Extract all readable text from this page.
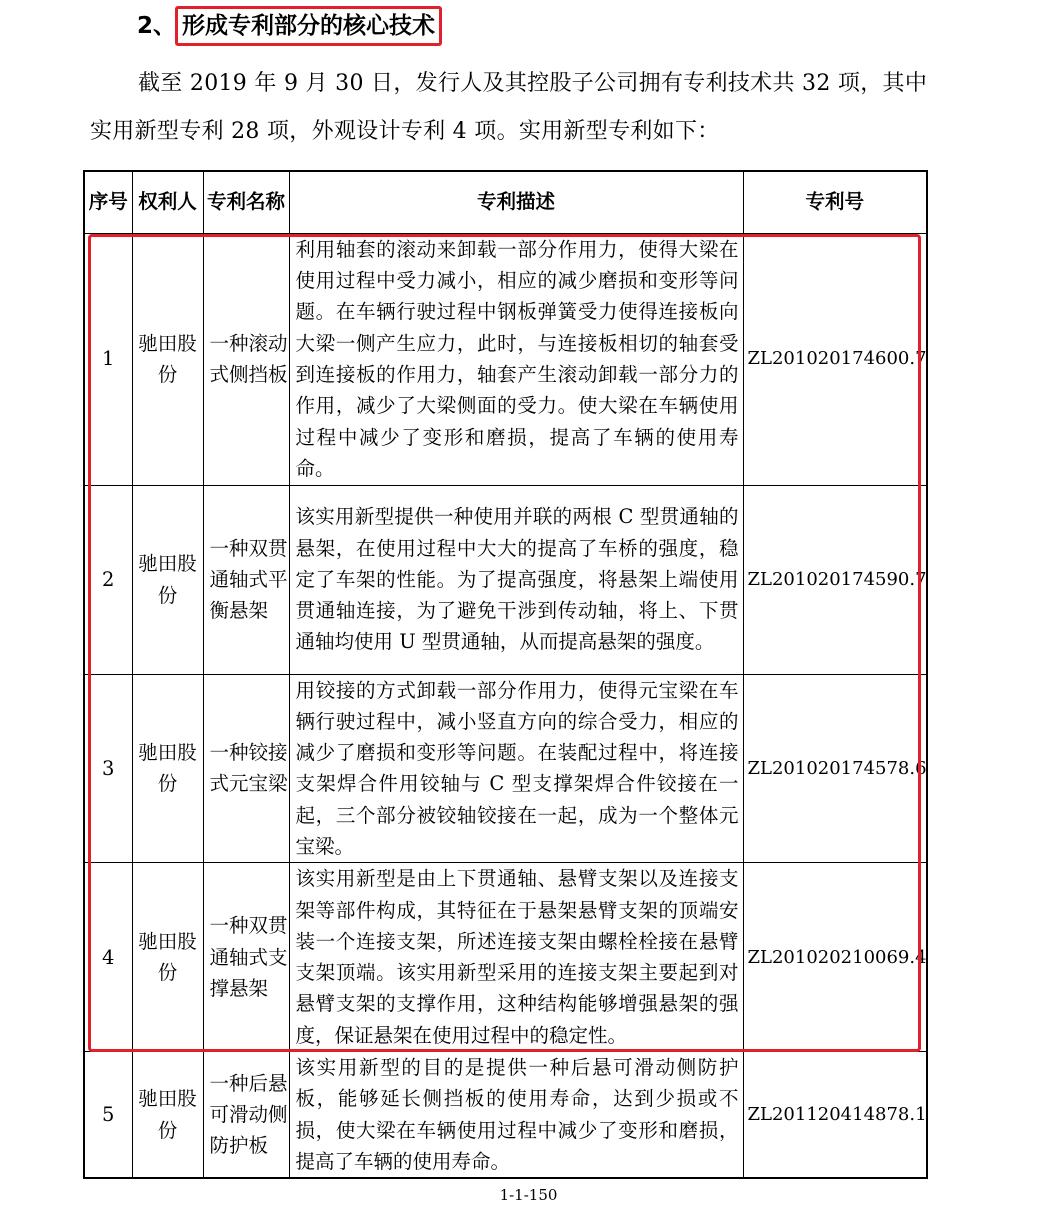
2、 形成专利部分的核心技术
截至 2019 年 9 月 30 日，发行人及其控股子公司拥有专利技术共 32 项，其中实用新型专利 28 项，外观设计专利 4 项。实用新型专利如下：
序号	权利人	专利名称	专利描述	专利号
1	驰田股份	一种滚动式侧挡板	利用轴套的滚动来卸载一部分作用力，使得大梁在使用过程中受力减小，相应的减少磨损和变形等问题。在车辆行驶过程中钢板弹簧受力使得连接板向大梁一侧产生应力，此时，与连接板相切的轴套受到连接板的作用力，轴套产生滚动卸载一部分力的作用，减少了大梁侧面的受力。使大梁在车辆使用过程中减少了变形和磨损，提高了车辆的使用寿命。	ZL201020174600.7
2	驰田股份	一种双贯通轴式平衡悬架	该实用新型提供一种使用并联的两根 C 型贯通轴的悬架，在使用过程中大大的提高了车桥的强度，稳定了车架的性能。为了提高强度，将悬架上端使用贯通轴连接，为了避免干涉到传动轴，将上、下贯通轴均使用 U 型贯通轴，从而提高悬架的强度。	ZL201020174590.7
3	驰田股份	一种铰接式元宝梁	用铰接的方式卸载一部分作用力，使得元宝梁在车辆行驶过程中，减小竖直方向的综合受力，相应的减少了磨损和变形等问题。在装配过程中，将连接支架焊合件用铰轴与 C 型支撑架焊合件铰接在一起，三个部分被铰轴铰接在一起，成为一个整体元宝梁。	ZL201020174578.6
4	驰田股份	一种双贯通轴式支撑悬架	该实用新型是由上下贯通轴、悬臂支架以及连接支架等部件构成，其特征在于悬架悬臂支架的顶端安装一个连接支架，所述连接支架由螺栓栓接在悬臂支架顶端。该实用新型采用的连接支架主要起到对悬臂支架的支撑作用，这种结构能够增强悬架的强度，保证悬架在使用过程中的稳定性。	ZL201020210069.4
5	驰田股份	一种后悬可滑动侧防护板	该实用新型的目的是提供一种后悬可滑动侧防护板，能够延长侧挡板的使用寿命，达到少损或不损，使大梁在车辆使用过程中减少了变形和磨损，提高了车辆的使用寿命。	ZL201120414878.1
1-1-150
